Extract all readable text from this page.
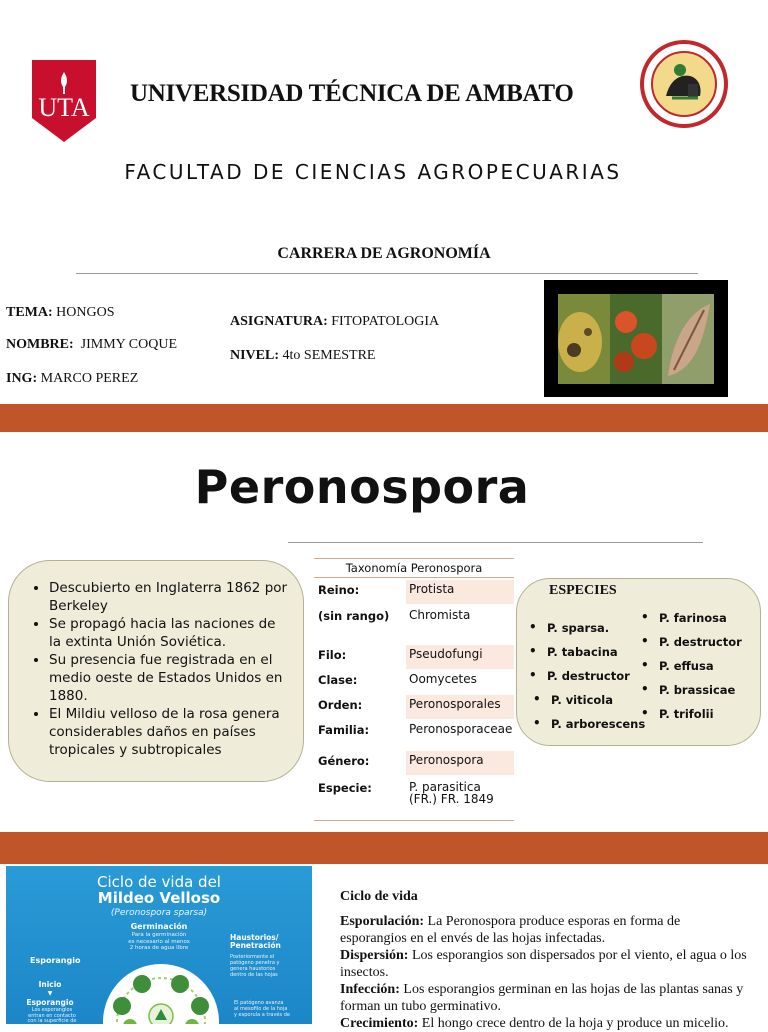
UTA UNIVERSIDAD TÉCNICA DE AMBATO
FACULTAD DE CIENCIAS AGROPECUARIAS
CARRERA DE AGRONOMÍA
TEMA: HONGOS
NOMBRE: JIMMY COQUE
ING: MARCO PEREZ
ASIGNATURA: FITOPATOLOGIA
NIVEL: 4to SEMESTRE
Peronospora
• Descubierto en Inglaterra 1862 por Berkeley
• Se propagó hacia las naciones de la extinta Unión Soviética.
• Su presencia fue registrada en el medio oeste de Estados Unidos en 1880.
• El Mildiu velloso de la rosa genera considerables daños en países tropicales y subtropicales
Taxonomía Peronospora
Reino:	Protista
(sin rango) Chromista
Filo:	Pseudofungi
Clase:	Oomycetes
Orden:	Peronosporales
Familia:	Peronosporaceae
Género:	Peronospora
Especie:	P. parasitica (FR.) FR. 1849
ESPECIES
• P. sparsa.
• P. tabacina
• P. destructor
• P. viticola
• P. arborescens
• P. farinosa
• P. destructor
• P. effusa
• P. brassicae
• P. trifolii
Ciclo de vida del
Mildeo Velloso
(Peronospora sparsa)
Germinación
Para la germinación
es necesario al menos
2 horas de agua libre
Haustorios/
Penetración
Posteriormente el
patógeno penetra y
genera haustorios
dentro de las hojas
Esporangio
Inicio
▼
Esporangio
Los esporangios
entran en contacto
con la superficie de
El patógeno avanza
al mesofilo de la hoja
y esporula a través de

Ciclo de vida

Esporulación: La Peronospora produce esporas en forma de esporangios en el envés de las hojas infectadas.

Dispersión: Los esporangios son dispersados por el viento, el agua o los insectos.

Infección: Los esporangios germinan en las hojas de las plantas sanas y forman un tubo germinativo.

Crecimiento: El hongo crece dentro de la hoja y produce un micelio.
